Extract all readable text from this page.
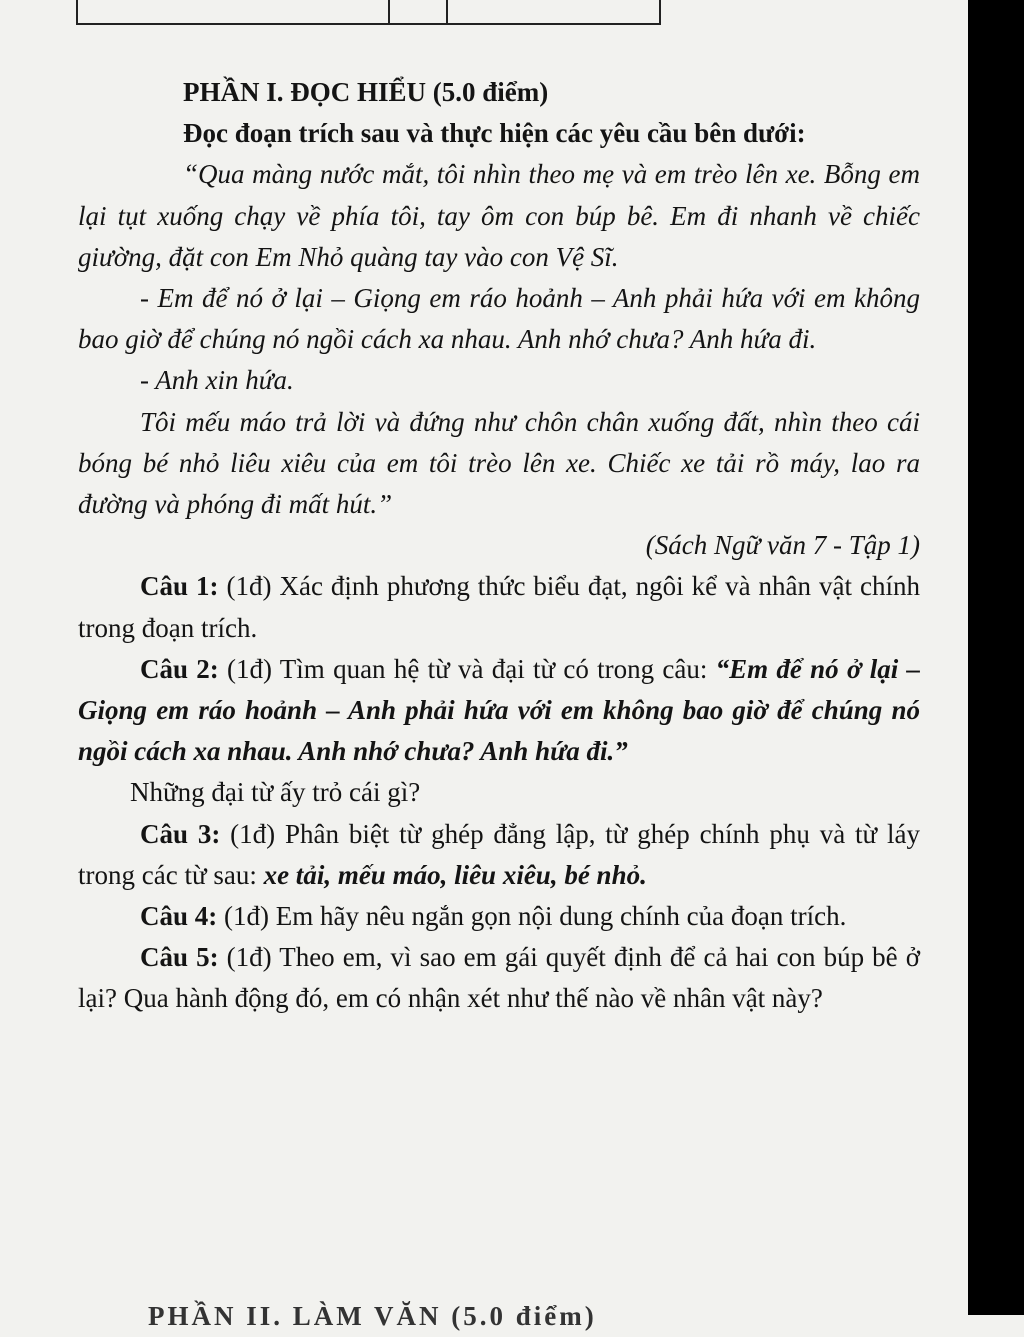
PHẦN I. ĐỌC HIỂU (5.0 điểm)

Đọc đoạn trích sau và thực hiện các yêu cầu bên dưới:

“Qua màng nước mắt, tôi nhìn theo mẹ và em trèo lên xe. Bỗng em lại tụt xuống chạy về phía tôi, tay ôm con búp bê. Em đi nhanh về chiếc giường, đặt con Em Nhỏ quàng tay vào con Vệ Sĩ.

- Em để nó ở lại – Giọng em ráo hoảnh – Anh phải hứa với em không bao giờ để chúng nó ngồi cách xa nhau. Anh nhớ chưa? Anh hứa đi.

- Anh xin hứa.

Tôi mếu máo trả lời và đứng như chôn chân xuống đất, nhìn theo cái bóng bé nhỏ liêu xiêu của em tôi trèo lên xe. Chiếc xe tải rồ máy, lao ra đường và phóng đi mất hút.”

(Sách Ngữ văn 7 - Tập 1)

Câu 1: (1đ) Xác định phương thức biểu đạt, ngôi kể và nhân vật chính trong đoạn trích.

Câu 2: (1đ) Tìm quan hệ từ và đại từ có trong câu: “Em để nó ở lại – Giọng em ráo hoảnh – Anh phải hứa với em không bao giờ để chúng nó ngồi cách xa nhau. Anh nhớ chưa? Anh hứa đi.”

Những đại từ ấy trỏ cái gì?

Câu 3: (1đ) Phân biệt từ ghép đẳng lập, từ ghép chính phụ và từ láy trong các từ sau: xe tải, mếu máo, liêu xiêu, bé nhỏ.

Câu 4: (1đ) Em hãy nêu ngắn gọn nội dung chính của đoạn trích.

Câu 5: (1đ) Theo em, vì sao em gái quyết định để cả hai con búp bê ở lại? Qua hành động đó, em có nhận xét như thế nào về nhân vật này?

PHẦN II. LÀM VĂN (5.0 điểm)
